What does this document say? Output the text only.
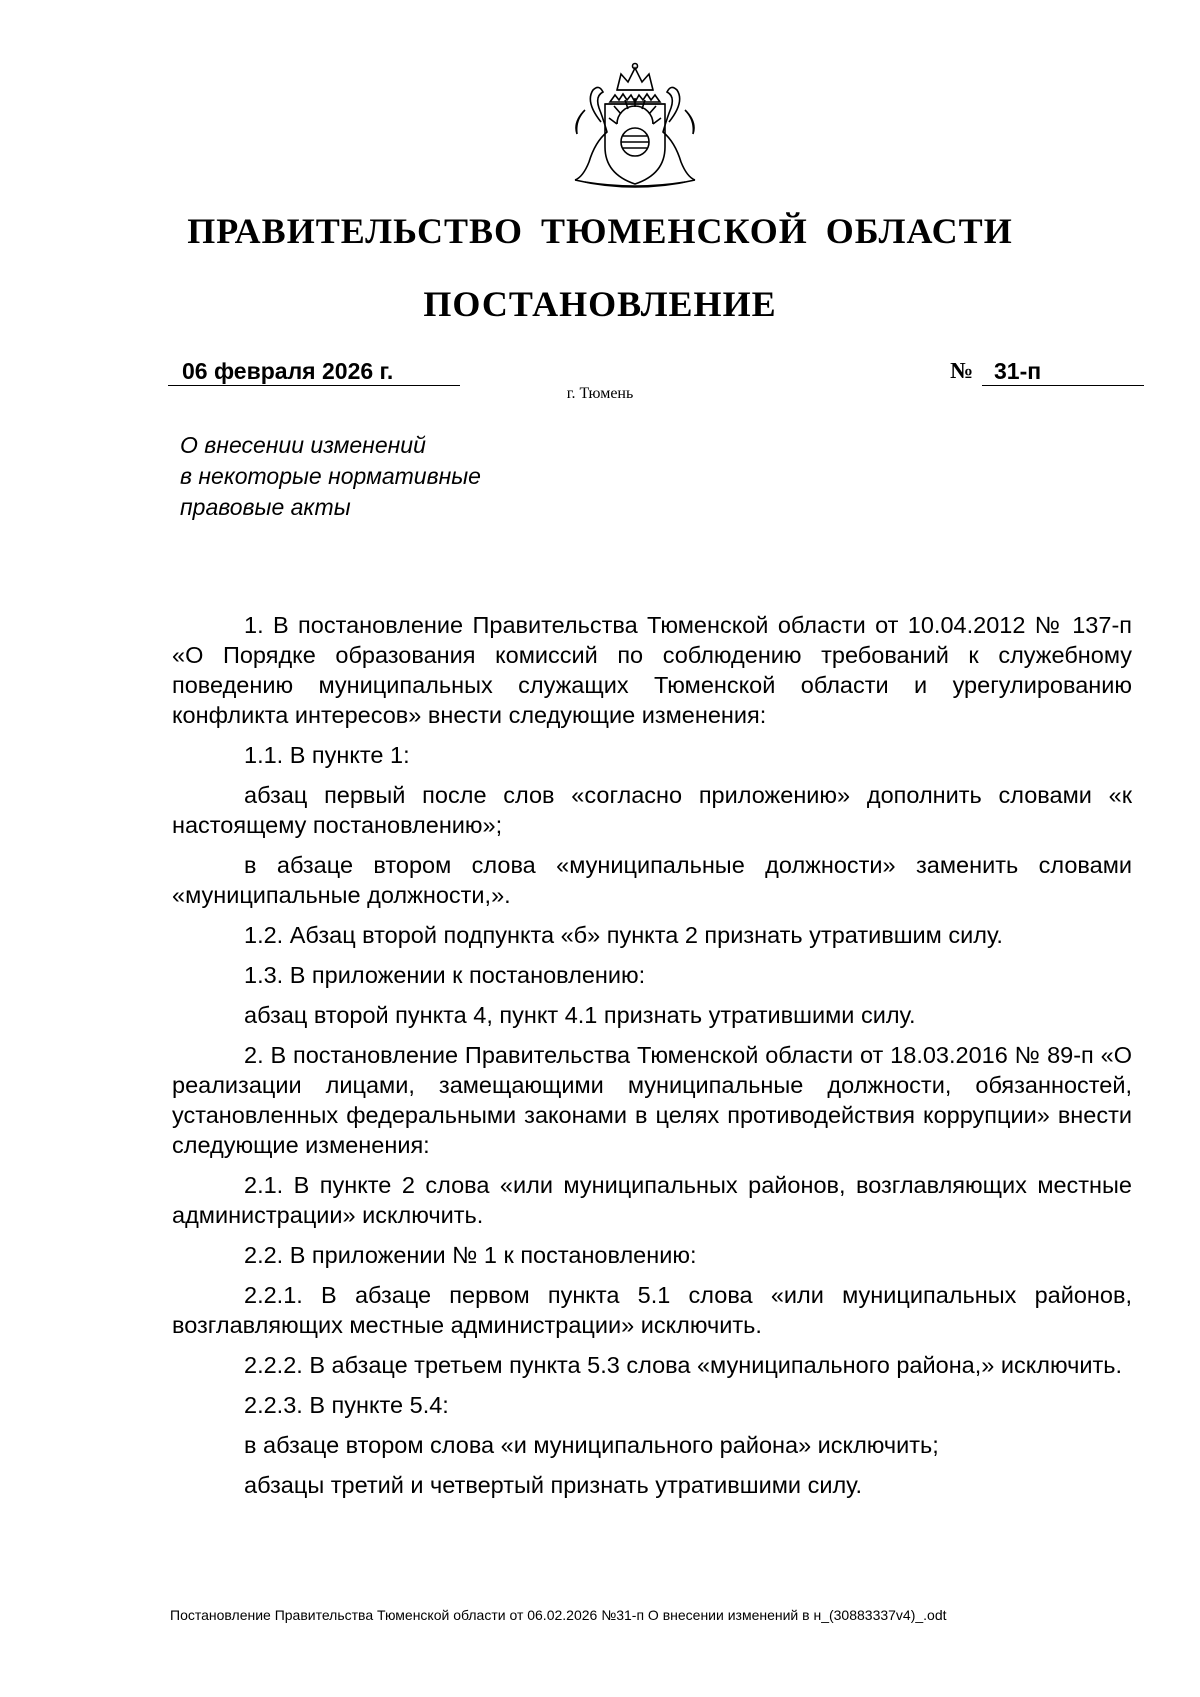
ПРАВИТЕЛЬСТВО ТЮМЕНСКОЙ ОБЛАСТИ
ПОСТАНОВЛЕНИЕ
06 февраля 2026 г.	№ 31-п
г. Тюмень
О внесении изменений
в некоторые нормативные
правовые акты

1. В постановление Правительства Тюменской области от 10.04.2012 № 137-п «О Порядке образования комиссий по соблюдению требований к служебному поведению муниципальных служащих Тюменской области и урегулированию конфликта интересов» внести следующие изменения:

1.1. В пункте 1:

абзац первый после слов «согласно приложению» дополнить словами «к настоящему постановлению»;

в абзаце втором слова «муниципальные должности» заменить словами «муниципальные должности,».

1.2. Абзац второй подпункта «б» пункта 2 признать утратившим силу.

1.3. В приложении к постановлению:

абзац второй пункта 4, пункт 4.1 признать утратившими силу.

2. В постановление Правительства Тюменской области от 18.03.2016 № 89-п «О реализации лицами, замещающими муниципальные должности, обязанностей, установленных федеральными законами в целях противодействия коррупции» внести следующие изменения:

2.1. В пункте 2 слова «или муниципальных районов, возглавляющих местные администрации» исключить.

2.2. В приложении № 1 к постановлению:

2.2.1. В абзаце первом пункта 5.1 слова «или муниципальных районов, возглавляющих местные администрации» исключить.

2.2.2. В абзаце третьем пункта 5.3 слова «муниципального района,» исключить.

2.2.3. В пункте 5.4:

в абзаце втором слова «и муниципального района» исключить;

абзацы третий и четвертый признать утратившими силу.

Постановление Правительства Тюменской области от 06.02.2026 №31-п О внесении изменений в н_(30883337v4)_.odt
